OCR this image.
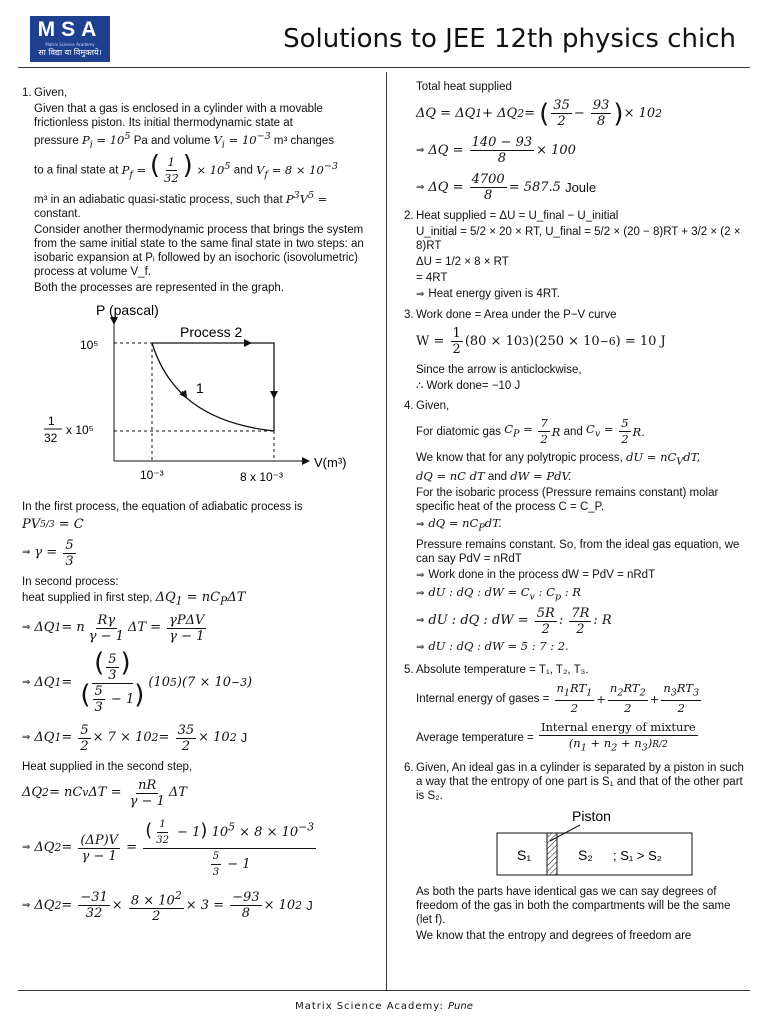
MSA
Matrix Science Academy
सा विद्या या विमुक्तये।	Solutions to JEE 12th physics chich

1. Given,

Given that a gas is enclosed in a cylinder with a movable frictionless piston. Its initial thermodynamic state at
pressure $P_i = 10^5$ Pa and volume $V_i = 10^{-3}$ m³ changes

to a final state at $P_f$ = ( $\frac{1}{32}$ ) × $10^5$ and $V_f = 8 \times 10^{-3}$

m³ in an adiabatic quasi-static process, such that $P^3V^5$ =
constant.

Consider another thermodynamic process that brings the system from the same initial state to the same final state in two steps: an isobaric expansion at Pᵢ followed by an isochoric (isovolumetric) process at volume V_f.

Both the processes are represented in the graph.

P (pascal)
V(m³)
10⁵
1
32
x 10⁵
10⁻³	8 x 10⁻³
Process 2
1

In the first process, the equation of adiabatic process is

PV 5/3 = C
⇒ γ = 5
3

In second process:

heat supplied in first step, $\Delta Q_1 = nC_P\Delta T$

⇒ ΔQ 1 = n Rγ
γ − 1
ΔT = γPΔV
γ − 1
⇒ ΔQ 1 =
( $\frac{5}{3}$ )
( $\frac{5}{3} - 1$) (10 5 )(7 × 10 −3 )
⇒ ΔQ 1 = 5
2
× 7 × 10 2 = 35
2
× 10 2
J

Heat supplied in the second step,

ΔQ 2 = nC v ΔT = nR
γ − 1
ΔT
⇒ ΔQ 2 = (ΔP)V
γ − 1
=
( $\frac{1}{32} - 1$) $10^5 \times 8 \times 10^{-3}$
$\frac{5}{3} - 1$
⇒ ΔQ 2 = −31
32
× $8 \times 10^2$
2
× 3 = −93
8
× 10 2
J

Total heat supplied

ΔQ = ΔQ 1 + ΔQ 2 = ( 35
2
− 93
8 ) × 10 2
⇒ ΔQ = 140 − 93
8
× 100
⇒ ΔQ = 4700
8
= 587.5 Joule

2. Heat supplied = ΔU = U_final − U_initial

U_initial = 5/2 × 20 × RT, U_final = 5/2 × (20 − 8)RT + 3/2 × (2 ×
8)RT

ΔU = 1/2 × 8 × RT

= 4RT

⇒ Heat energy given is 4RT.

3. Work done = Area under the P−V curve

W = 1
2
(80 × 10 3 )(250 × 10 −6 ) = 10 J

Since the arrow is anticlockwise,

∴ Work done= −10 J

4. Given,

For diatomic gas
$C_P = \frac{7}{2}$ R and $C_v = \frac{5}{2} R$.

We know that for any polytropic process, dU = $nC_VdT$,
dQ = nC dT and dW = PdV.

For the isobaric process (Pressure remains constant) molar specific heat of the process C = C_P.

⇒ dQ = $nC_PdT$.

Pressure remains constant. So, from the ideal gas equation, we can say PdV = nRdT

⇒ Work done in the process dW = PdV = nRdT

⇒ dU : dQ : dW = $C_v$ : $C_p$ : R

⇒ dU : dQ : dW = 5R
2
: 7R
2
: R

⇒ dU : dQ : dW = 5 : 7 : 2.

5. Absolute temperature = T₁, T₂, T₃.

Internal energy of gases =
$\frac{n_1RT_1}{2} + \frac{n_2RT_2}{2} + \frac{n_3RT_3}{2}$
Average temperature =

Internal energy of mixture
$(n_1 + n_2 + n_3)R/2$

6. Given, An ideal gas in a cylinder is separated by a piston in such a way that the entropy of one part is S₁ and that of the other part is S₂.

Piston
S₁	S₂ ; S₁ > S₂

As both the parts have identical gas we can say degrees of freedom of the gas in both the compartments will be the same (let f).

We know that the entropy and degrees of freedom are

Matrix Science Academy: Pune
